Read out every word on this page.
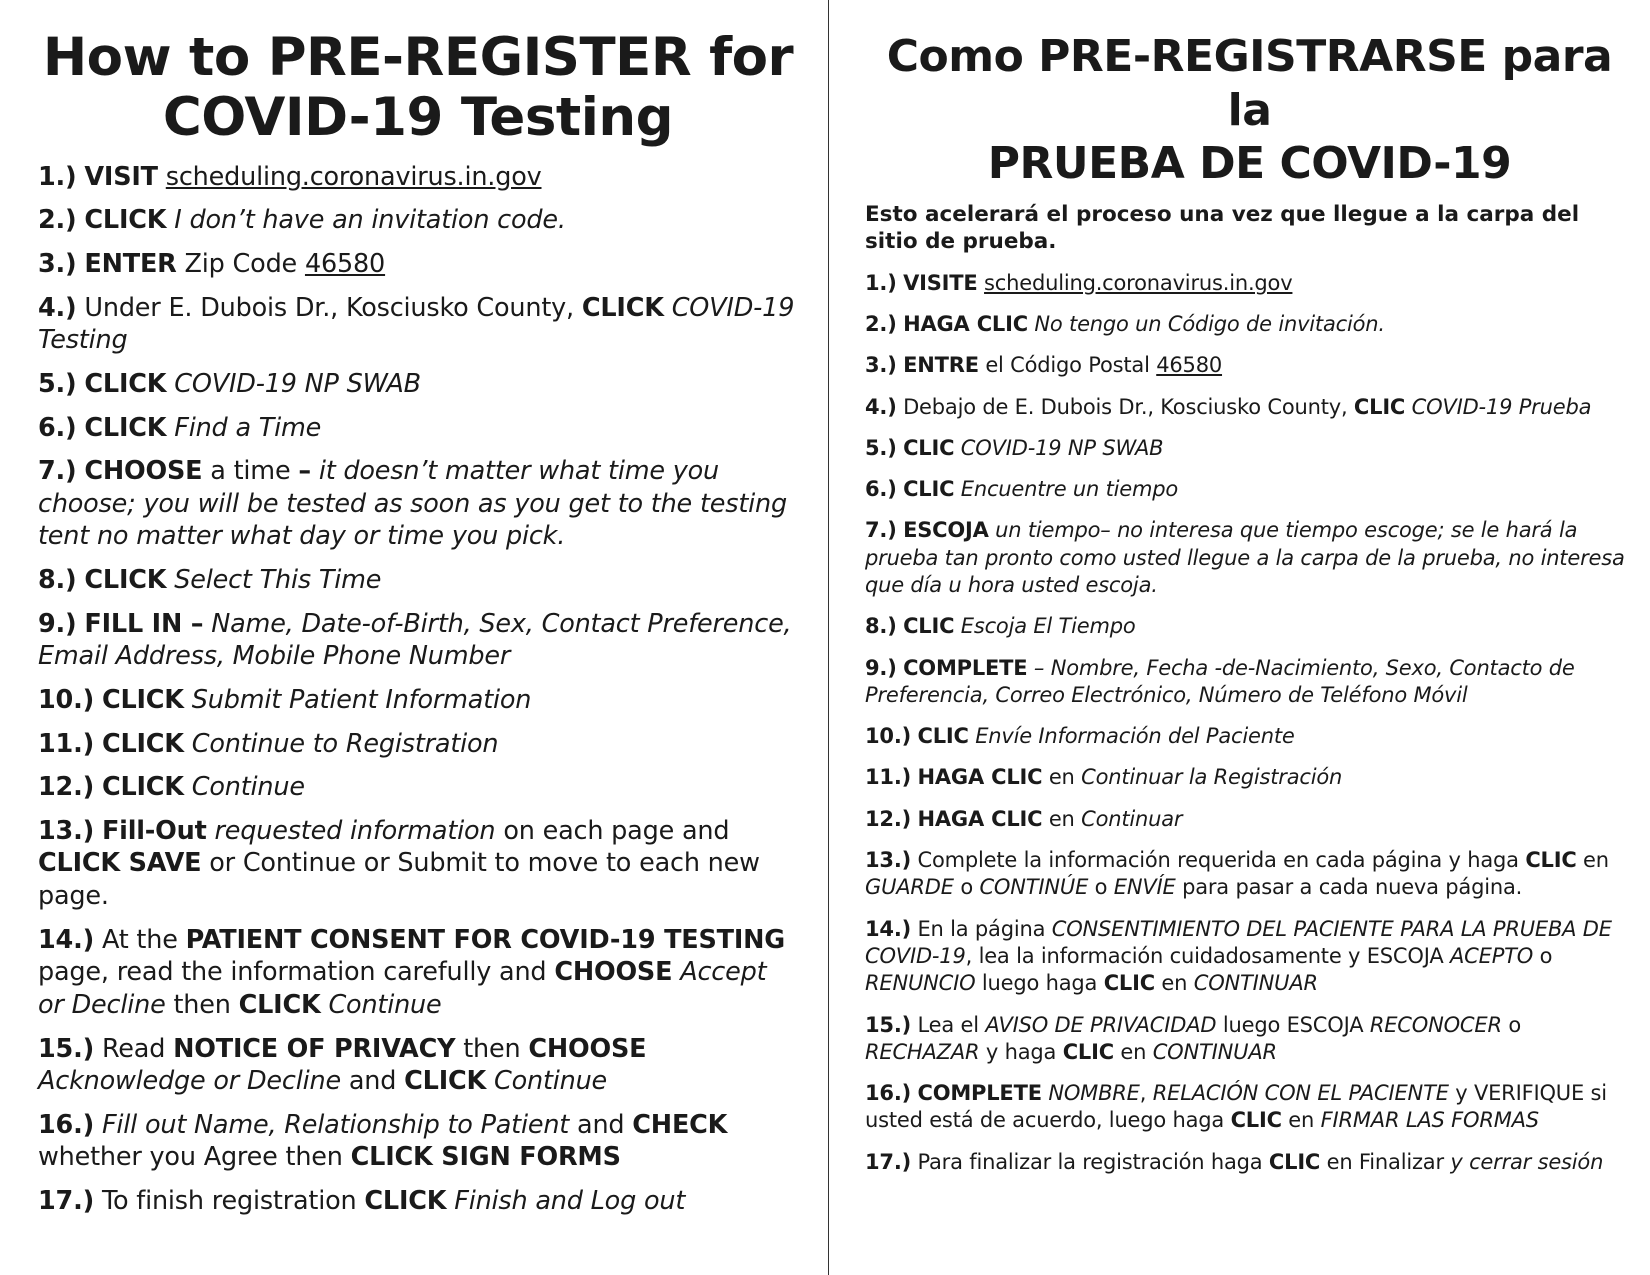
How to PRE-REGISTER for
COVID-19 Testing
1.) VISIT scheduling.coronavirus.in.gov
2.) CLICK I don’t have an invitation code.
3.) ENTER Zip Code 46580
4.) Under E. Dubois Dr., Kosciusko County, CLICK COVID-19 Testing
5.) CLICK COVID-19 NP SWAB
6.) CLICK Find a Time
7.) CHOOSE a time – it doesn’t matter what time you choose; you will be tested as soon as you get to the testing tent no matter what day or time you pick.
8.) CLICK Select This Time
9.) FILL IN – Name, Date-of-Birth, Sex, Contact Preference, Email Address, Mobile Phone Number
10.) CLICK Submit Patient Information
11.) CLICK Continue to Registration
12.) CLICK Continue
13.) Fill-Out requested information on each page and CLICK SAVE or Continue or Submit to move to each new page.
14.) At the PATIENT CONSENT FOR COVID-19 TESTING page, read the information carefully and CHOOSE Accept or Decline then CLICK Continue
15.) Read NOTICE OF PRIVACY then CHOOSE Acknowledge or Decline and CLICK Continue
16.) Fill out Name, Relationship to Patient and CHECK whether you Agree then CLICK SIGN FORMS
17.) To finish registration CLICK Finish and Log out
Como PRE-REGISTRARSE para la
PRUEBA DE COVID-19

Esto acelerará el proceso una vez que llegue a la carpa del sitio de prueba.

1.) VISITE scheduling.coronavirus.in.gov
2.) HAGA CLIC No tengo un Código de invitación.
3.) ENTRE el Código Postal 46580
4.) Debajo de E. Dubois Dr., Kosciusko County, CLIC COVID-19 Prueba
5.) CLIC COVID-19 NP SWAB
6.) CLIC Encuentre un tiempo
7.) ESCOJA un tiempo– no interesa que tiempo escoge; se le hará la prueba tan pronto como usted llegue a la carpa de la prueba, no interesa que día u hora usted escoja.
8.) CLIC Escoja El Tiempo
9.) COMPLETE – Nombre, Fecha -de-Nacimiento, Sexo, Contacto de Preferencia, Correo Electrónico, Número de Teléfono Móvil
10.) CLIC Envíe Información del Paciente
11.) HAGA CLIC en Continuar la Registración
12.) HAGA CLIC en Continuar
13.) Complete la información requerida en cada página y haga CLIC en GUARDE o CONTINÚE o ENVÍE para pasar a cada nueva página.
14.) En la página CONSENTIMIENTO DEL PACIENTE PARA LA PRUEBA DE COVID-19, lea la información cuidadosamente y ESCOJA ACEPTO o RENUNCIO luego haga CLIC en CONTINUAR
15.) Lea el AVISO DE PRIVACIDAD luego ESCOJA RECONOCER o RECHAZAR y haga CLIC en CONTINUAR
16.) COMPLETE NOMBRE, RELACIÓN CON EL PACIENTE y VERIFIQUE si usted está de acuerdo, luego haga CLIC en FIRMAR LAS FORMAS
17.) Para finalizar la registración haga CLIC en Finalizar y cerrar sesión
